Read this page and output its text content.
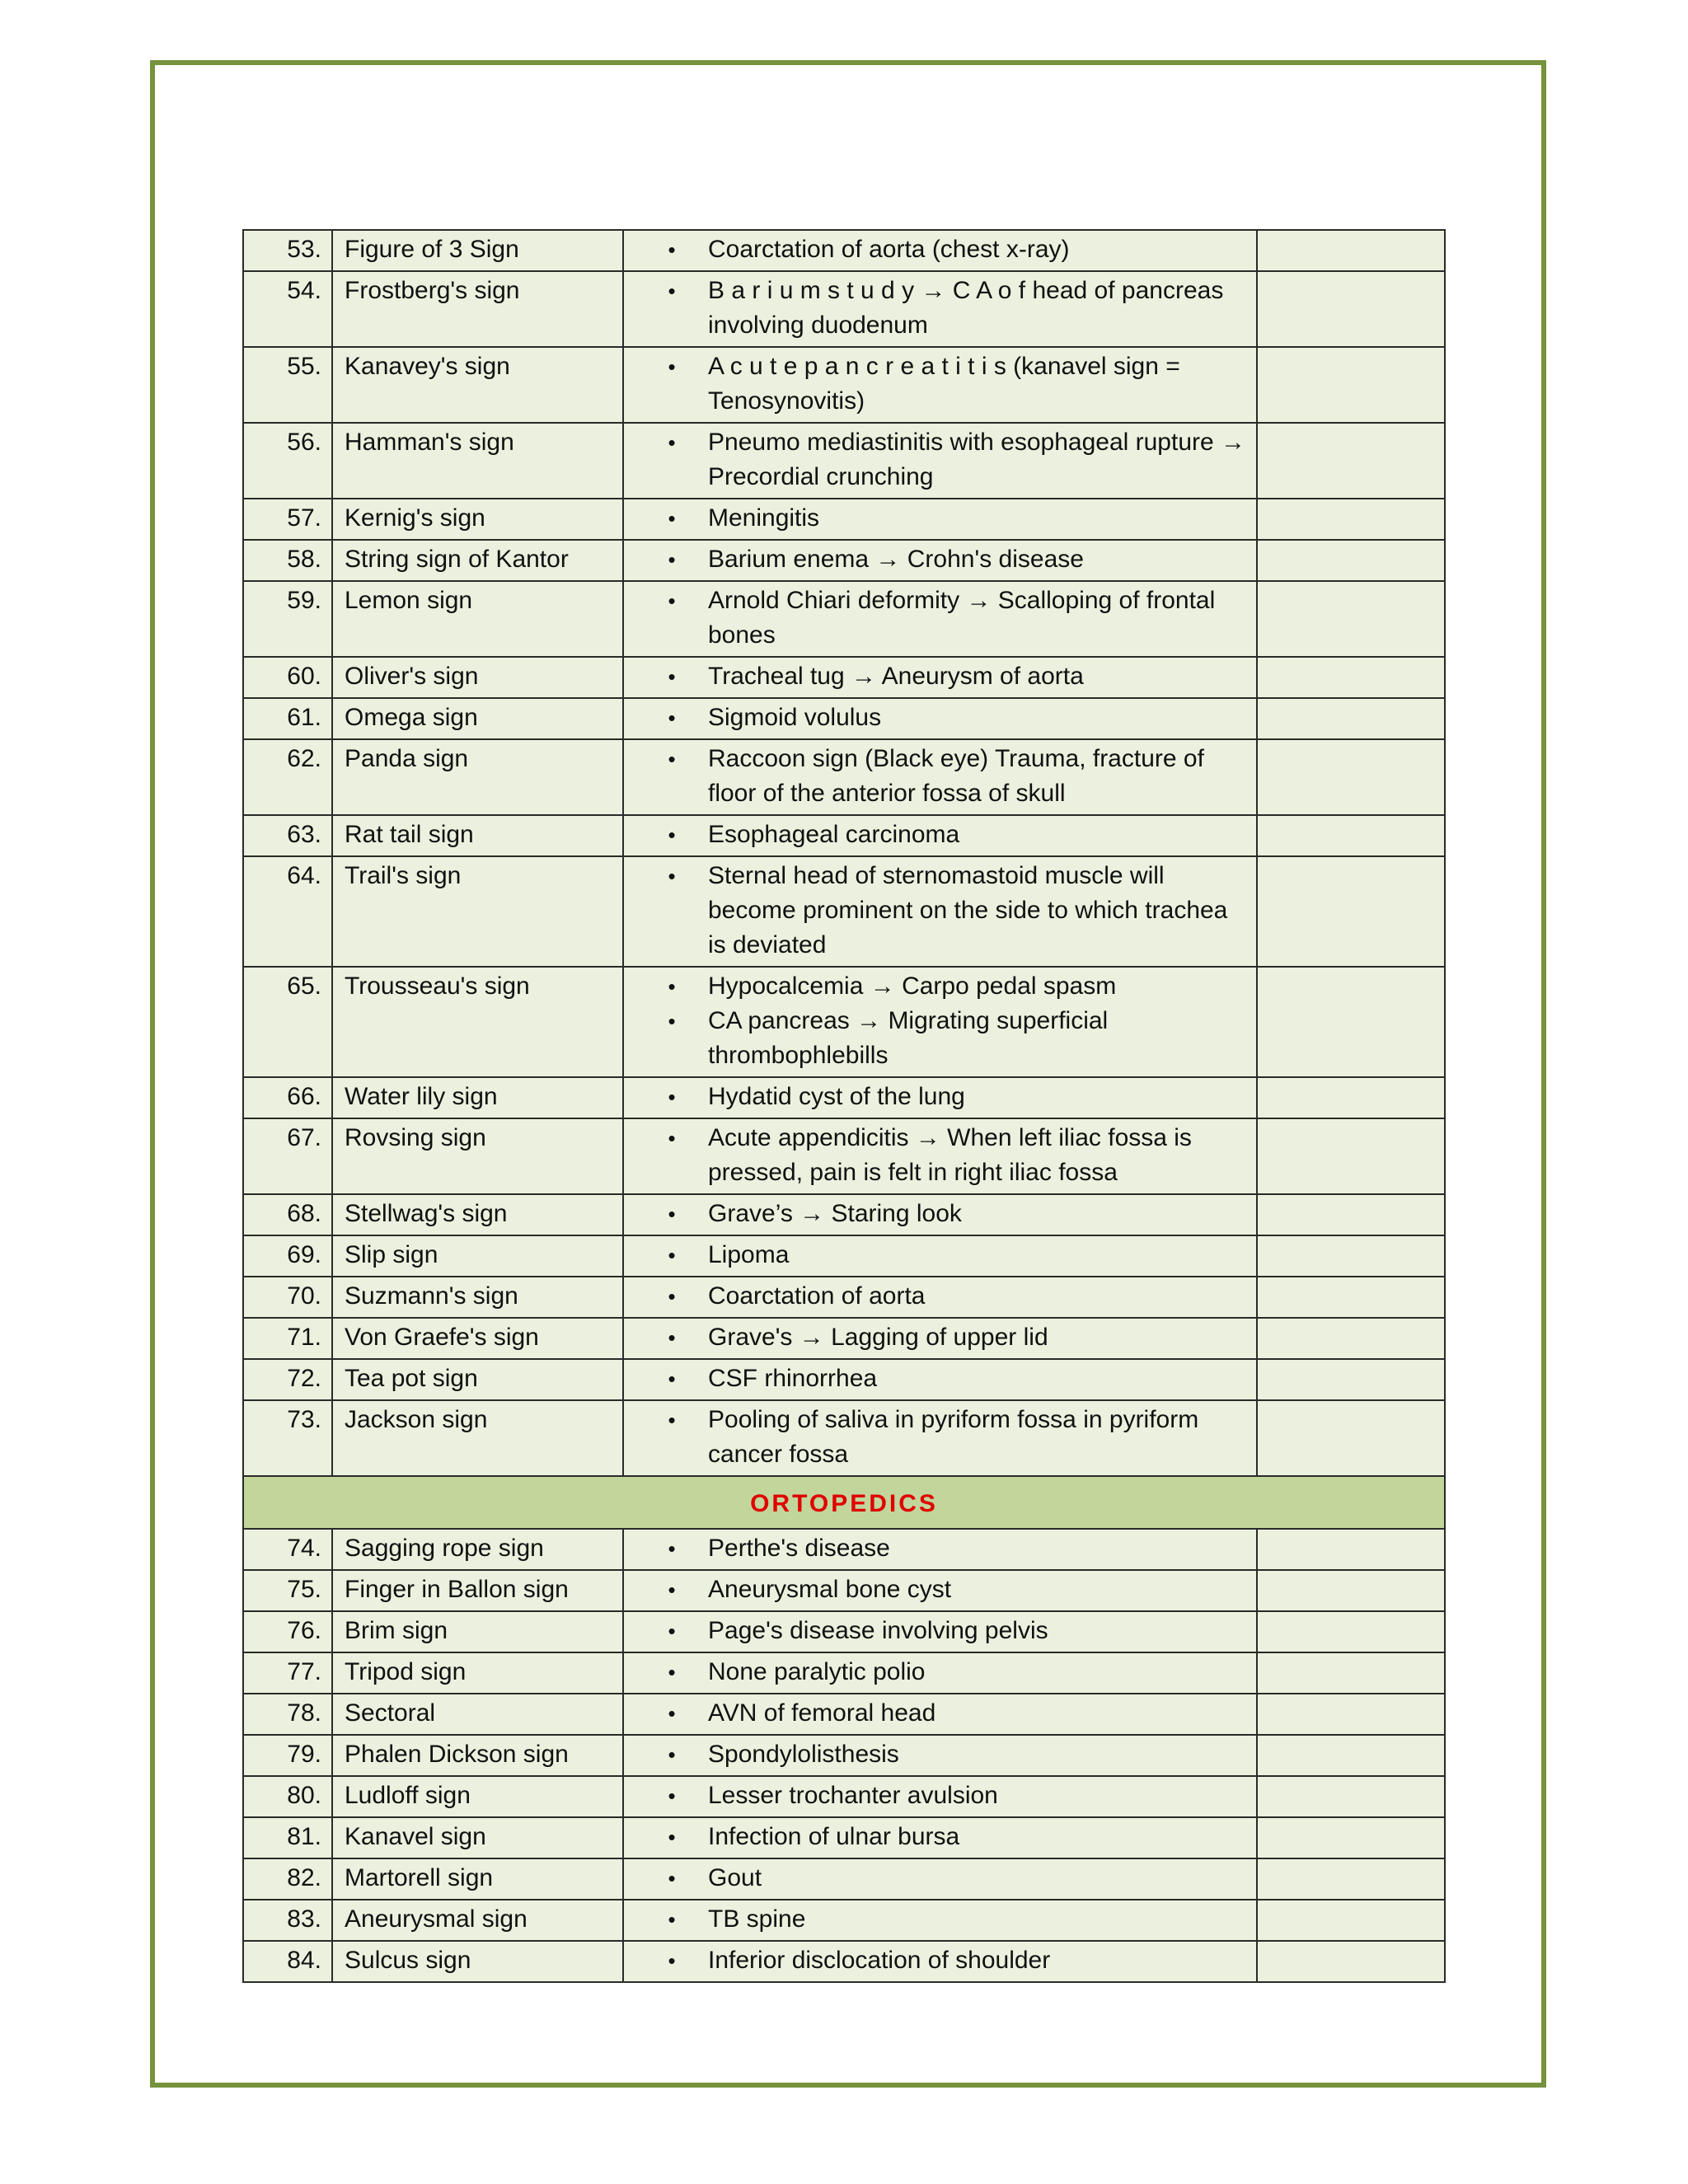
53.	Figure of 3 Sign	• Coarctation of aorta (chest x-ray)	

54.	Frostberg's sign	• B a r i u m s t u d y → C A o f head of pancreas involving duodenum	

55.	Kanavey's sign	• A c u t e p a n c r e a t i t i s (kanavel sign = Tenosynovitis)	

56.	Hamman's sign	• Pneumo mediastinitis with esophageal rupture → Precordial crunching	

57.	Kernig's sign	• Meningitis	

58.	String sign of Kantor	• Barium enema → Crohn's disease	

59.	Lemon sign	• Arnold Chiari deformity → Scalloping of frontal bones	

60.	Oliver's sign	• Tracheal tug → Aneurysm of aorta	

61.	Omega sign	• Sigmoid volulus	

62.	Panda sign	• Raccoon sign (Black eye) Trauma, fracture of floor of the anterior fossa of skull	

63.	Rat tail sign	• Esophageal carcinoma	

64.	Trail's sign	• Sternal head of sternomastoid muscle will become prominent on the side to which trachea is deviated	

65.	Trousseau's sign	• Hypocalcemia → Carpo pedal spasm
• CA pancreas → Migrating superficial thrombophlebills	

66.	Water lily sign	• Hydatid cyst of the lung	

67.	Rovsing sign	• Acute appendicitis → When left iliac fossa is pressed, pain is felt in right iliac fossa	

68.	Stellwag's sign	• Grave’s → Staring look	

69.	Slip sign	• Lipoma	

70.	Suzmann's sign	• Coarctation of aorta	

71.	Von Graefe's sign	• Grave's → Lagging of upper lid	

72.	Tea pot sign	• CSF rhinorrhea	

73.	Jackson sign	• Pooling of saliva in pyriform fossa in pyriform cancer fossa	

ORTOPEDICS			
74.	Sagging rope sign	• Perthe's disease	

75.	Finger in Ballon sign	• Aneurysmal bone cyst	

76.	Brim sign	• Page's disease involving pelvis	

77.	Tripod sign	• None paralytic polio	

78.	Sectoral	• AVN of femoral head	

79.	Phalen Dickson sign	• Spondylolisthesis	

80.	Ludloff sign	• Lesser trochanter avulsion	

81.	Kanavel sign	• Infection of ulnar bursa	

82.	Martorell sign	• Gout	

83.	Aneurysmal sign	• TB spine	

84.	Sulcus sign	• Inferior disclocation of shoulder	
